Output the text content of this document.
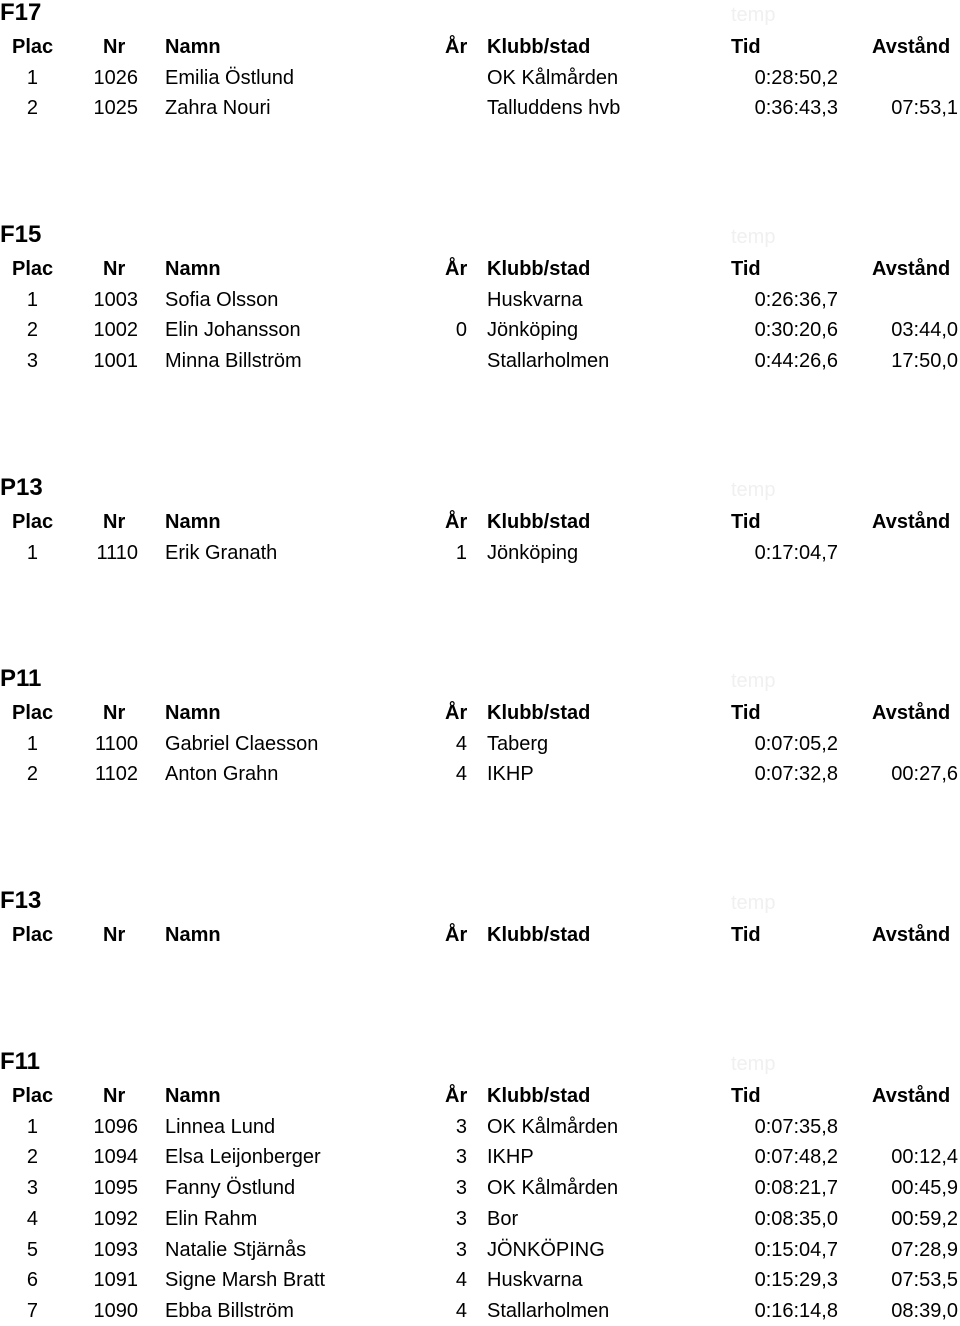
F17	temp
Plac Nr Namn	År Klubb/stad	Tid	Avstånd
1	1026 Emilia Östlund	OK Kålmården	0:28:50,2
2	1025 Zahra Nouri	Talluddens hvb	0:36:43,3	07:53,1
F15	temp
Plac Nr Namn	År Klubb/stad	Tid	Avstånd
1	1003 Sofia Olsson	Huskvarna	0:26:36,7
2	1002 Elin Johansson	0 Jönköping	0:30:20,6	03:44,0
3	1001 Minna Billström	Stallarholmen	0:44:26,6	17:50,0
P13	temp
Plac Nr Namn	År Klubb/stad	Tid	Avstånd
1	1110 Erik Granath	1 Jönköping	0:17:04,7
P11	temp
Plac Nr Namn	År Klubb/stad	Tid	Avstånd
1	1100 Gabriel Claesson	4 Taberg	0:07:05,2
2	1102 Anton Grahn	4 IKHP	0:07:32,8	00:27,6
F13	temp
Plac Nr Namn	År Klubb/stad	Tid	Avstånd
F11	temp
Plac Nr Namn	År Klubb/stad	Tid	Avstånd
1	1096 Linnea Lund	3 OK Kålmården	0:07:35,8
2	1094 Elsa Leijonberger	3 IKHP	0:07:48,2	00:12,4
3	1095 Fanny Östlund	3 OK Kålmården	0:08:21,7	00:45,9
4	1092 Elin Rahm	3 Bor	0:08:35,0	00:59,2
5	1093 Natalie Stjärnås	3 JÖNKÖPING	0:15:04,7	07:28,9
6	1091 Signe Marsh Bratt	4 Huskvarna	0:15:29,3	07:53,5
7	1090 Ebba Billström	4 Stallarholmen	0:16:14,8	08:39,0
